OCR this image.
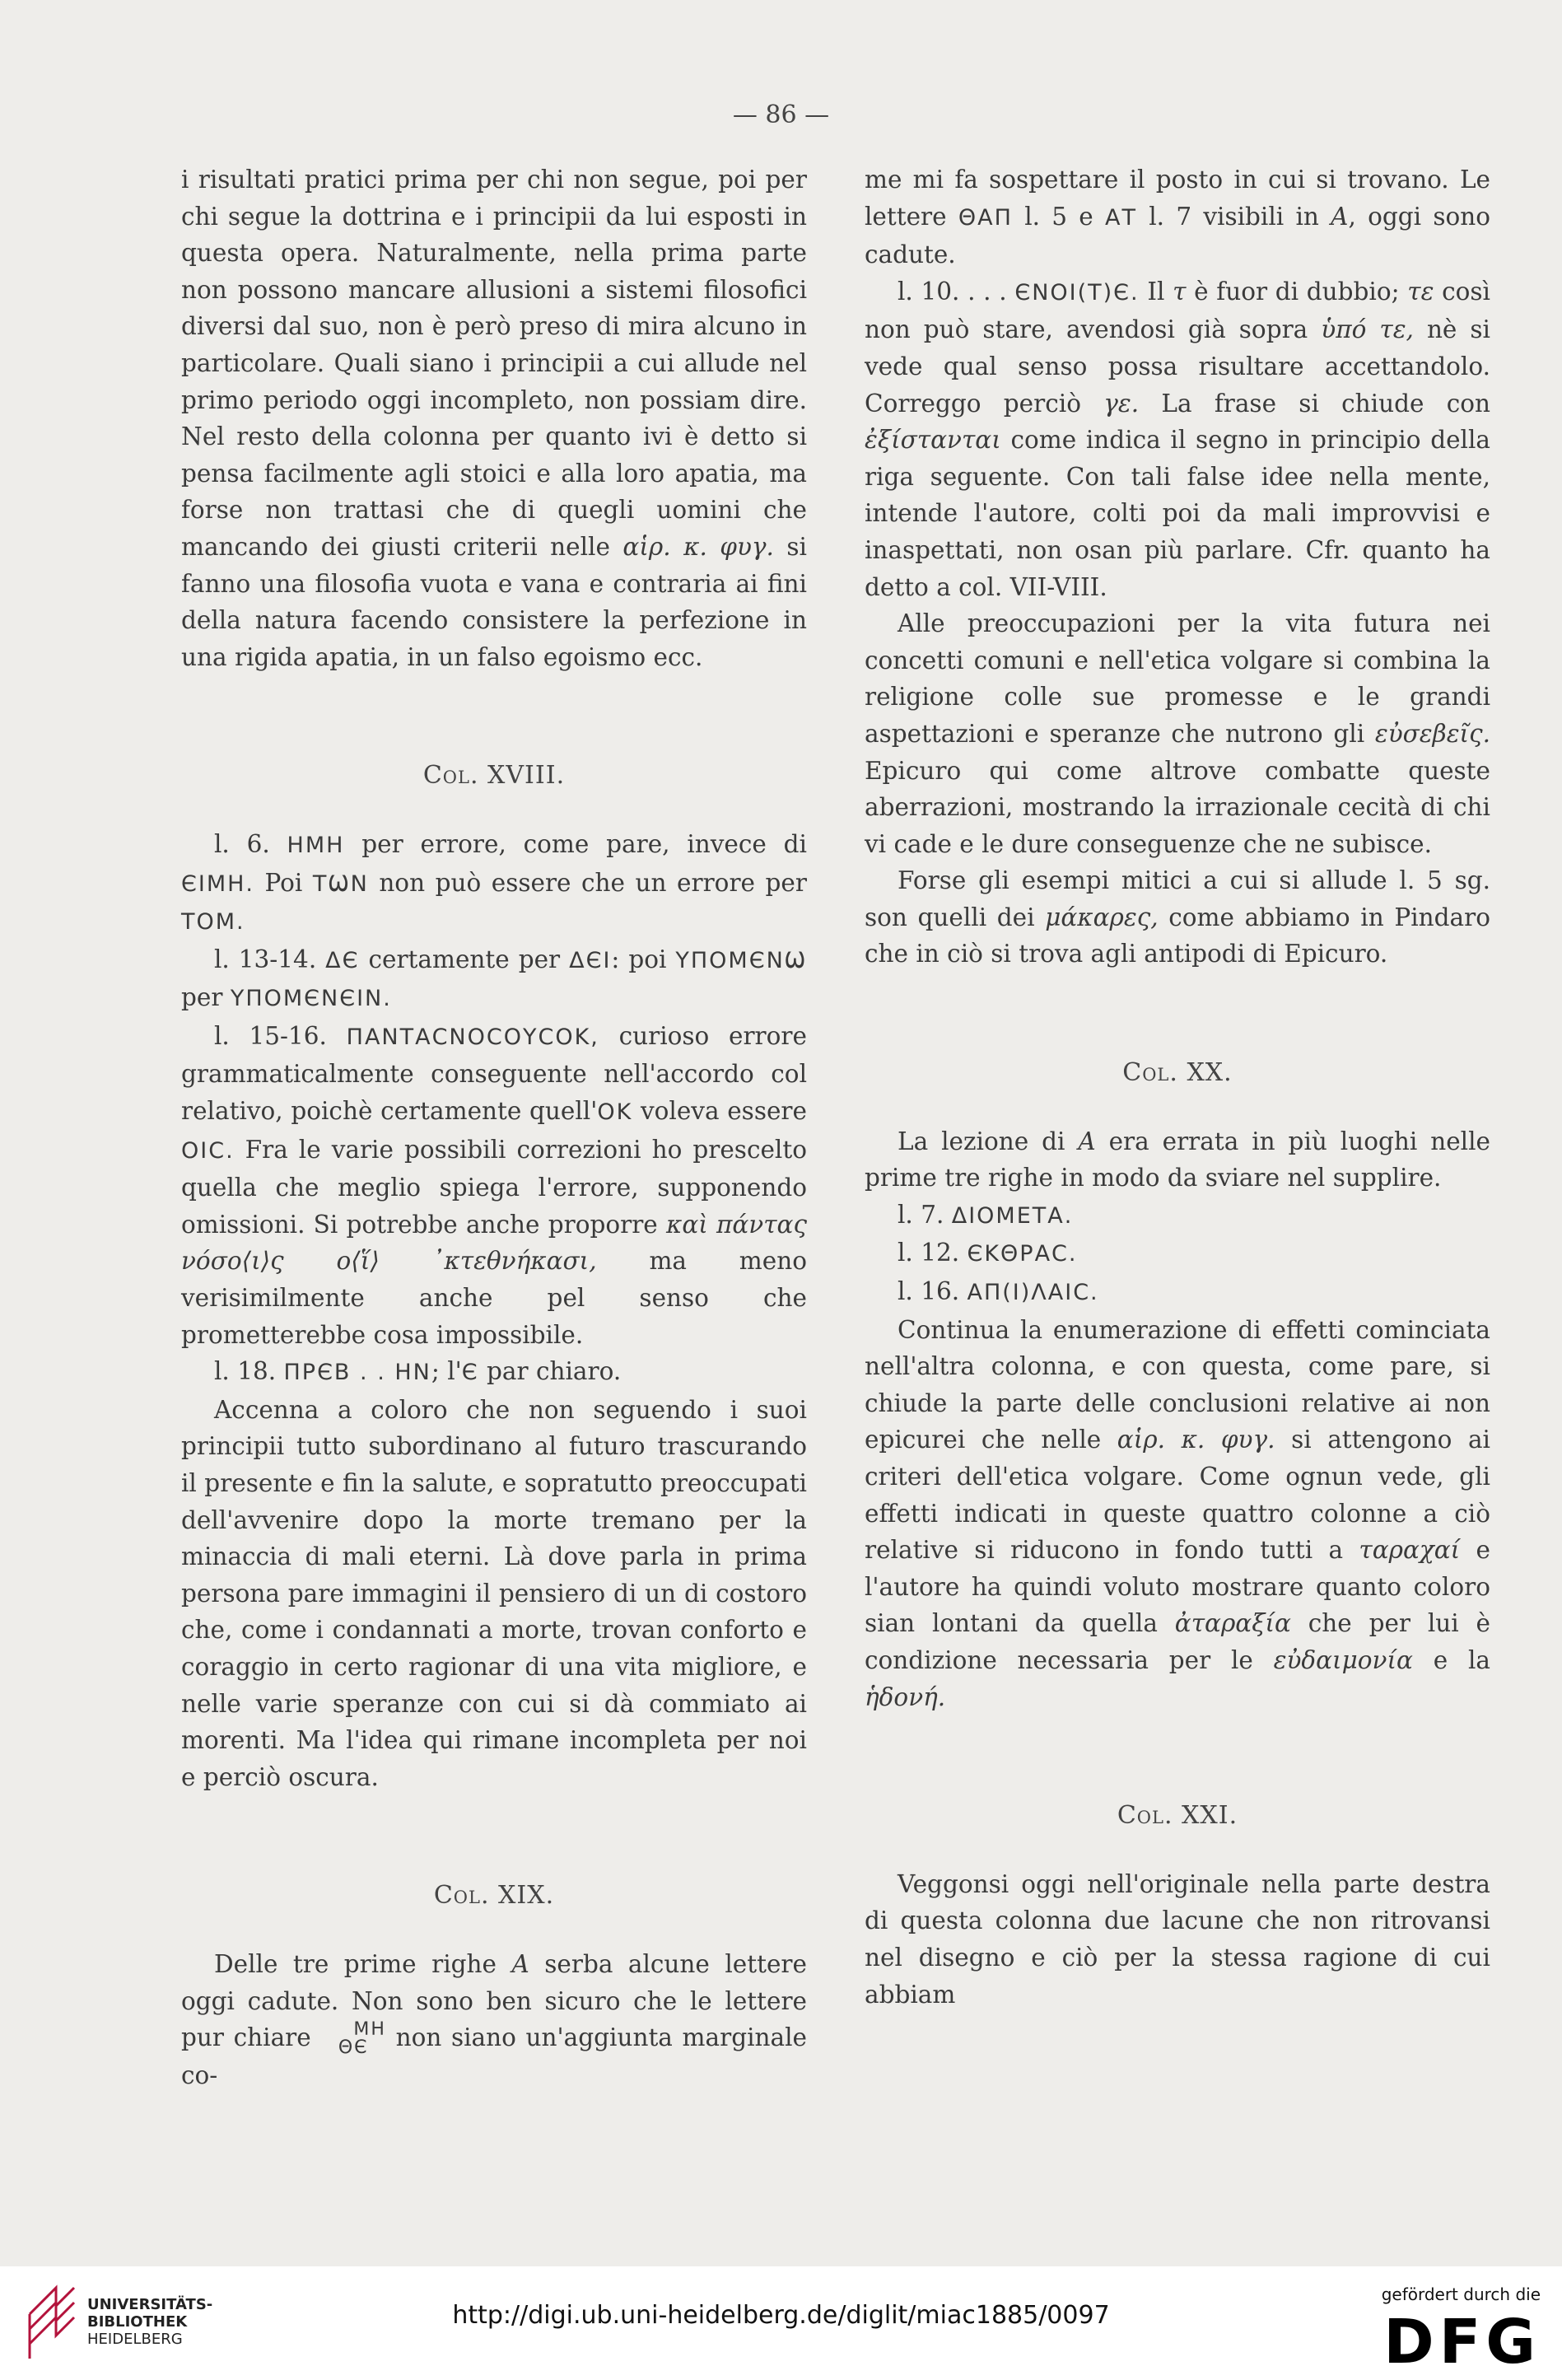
— 86 —

i risultati pratici prima per chi non segue, poi per chi segue la dottrina e i principii da lui esposti in questa opera. Naturalmente, nella prima parte non possono mancare allusioni a sistemi filosofici diversi dal suo, non è però preso di mira alcuno in particolare. Quali siano i principii a cui allude nel primo periodo oggi incompleto, non possiam dire. Nel resto della colonna per quanto ivi è detto si pensa facilmente agli stoici e alla loro apatia, ma forse non trattasi che di quegli uomini che mancando dei giusti criterii nelle αἱρ. κ. φυγ. si fanno una filosofia vuota e vana e contraria ai fini della natura facendo consistere la perfezione in una rigida apatia, in un falso egoismo ecc.

Col. XVIII.

l. 6. ΗΜΗ per errore, come pare, invece di ЄΙΜΗ. Poi ΤѠΝ non può essere che un errore per ΤΟΜ.

l. 13-14. ΔЄ certamente per ΔЄΙ: poi ΥΠΟΜЄΝѠ per ΥΠΟΜЄΝЄΙΝ.

l. 15-16. ΠΑΝΤΑϹΝΟϹΟΥϹΟΚ, curioso errore grammaticalmente conseguente nell'accordo col relativo, poichè certamente quell'ΟΚ voleva essere ΟΙϹ. Fra le varie possibili correzioni ho prescelto quella che meglio spiega l'errore, supponendo omissioni. Si potrebbe anche proporre καὶ πάντας νόσο⟨ι⟩ς ο⟨ἵ⟩ ᾽κτεθνήκασι, ma meno verisimilmente anche pel senso che prometterebbe cosa impossibile.

l. 18. ΠΡЄΒ . . ΗΝ; l'Є par chiaro.

Accenna a coloro che non seguendo i suoi principii tutto subordinano al futuro trascurando il presente e fin la salute, e sopratutto preoccupati dell'avvenire dopo la morte tremano per la minaccia di mali eterni. Là dove parla in prima persona pare immagini il pensiero di un di costoro che, come i condannati a morte, trovan conforto e coraggio in certo ragionar di una vita migliore, e nelle varie speranze con cui si dà commiato ai morenti. Ma l'idea qui rimane incompleta per noi e perciò oscura.

Col. XIX.

Delle tre prime righe A serba alcune lettere oggi cadute. Non sono ben sicuro che le lettere pur chiare ΜΗ
ΘЄ non siano un'aggiunta marginale co-

me mi fa sospettare il posto in cui si trovano. Le lettere ΘΑΠ l. 5 e ΑΤ l. 7 visibili in A, oggi sono cadute.

l. 10. . . . ЄΝΟΙ(Τ)Є. Il τ è fuor di dubbio; τε così non può stare, avendosi già sopra ὑπό τε, nè si vede qual senso possa risultare accettandolo. Correggo perciò γε. La frase si chiude con ἐξίστανται come indica il segno in principio della riga seguente. Con tali false idee nella mente, intende l'autore, colti poi da mali improvvisi e inaspettati, non osan più parlare. Cfr. quanto ha detto a col. VII-VIII.

Alle preoccupazioni per la vita futura nei concetti comuni e nell'etica volgare si combina la religione colle sue promesse e le grandi aspettazioni e speranze che nutrono gli εὐσεβεῖς. Epicuro qui come altrove combatte queste aberrazioni, mostrando la irrazionale cecità di chi vi cade e le dure conseguenze che ne subisce.

Forse gli esempi mitici a cui si allude l. 5 sg. son quelli dei μάκαρες, come abbiamo in Pindaro che in ciò si trova agli antipodi di Epicuro.

Col. XX.

La lezione di A era errata in più luoghi nelle prime tre righe in modo da sviare nel supplire.

l. 7. ΔΙΟΜΕΤΑ.

l. 12. ЄΚΘΡΑϹ.

l. 16. ΑΠ(Ι)ΛΑΙϹ.

Continua la enumerazione di effetti cominciata nell'altra colonna, e con questa, come pare, si chiude la parte delle conclusioni relative ai non epicurei che nelle αἱρ. κ. φυγ. si attengono ai criteri dell'etica volgare. Come ognun vede, gli effetti indicati in queste quattro colonne a ciò relative si riducono in fondo tutti a ταραχαί e l'autore ha quindi voluto mostrare quanto coloro sian lontani da quella ἀταραξία che per lui è condizione necessaria per le εὐδαιμονία e la ἡδονή.

Col. XXI.

Veggonsi oggi nell'originale nella parte destra di questa colonna due lacune che non ritrovansi nel disegno e ciò per la stessa ragione di cui abbiam

UNIVERSITÄTS-
BIBLIOTHEK
HEIDELBERG
http://digi.ub.uni-heidelberg.de/diglit/miac1885/0097
gefördert durch die
DFG
